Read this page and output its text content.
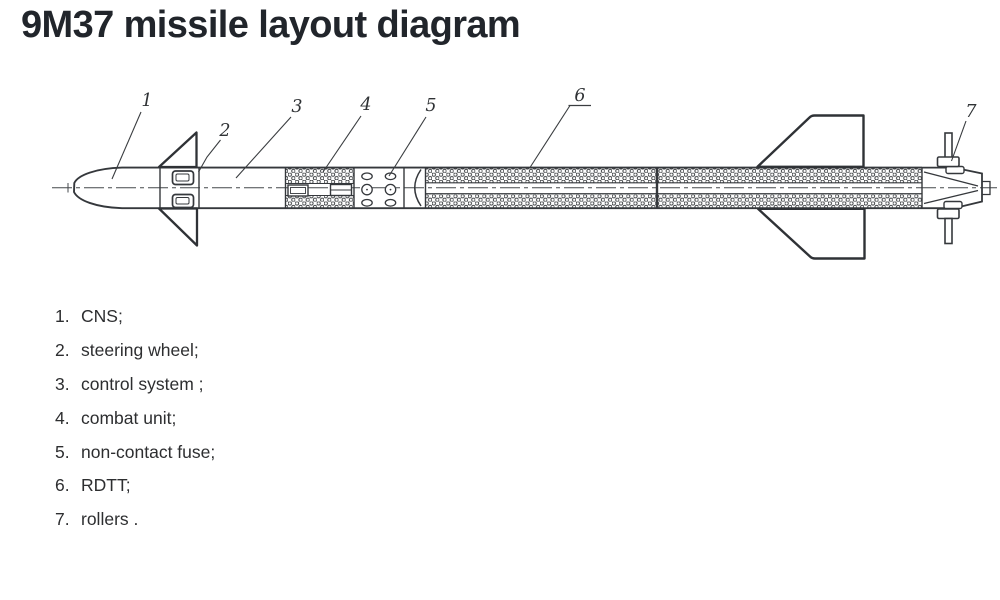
9M37 missile layout diagram
1
2
3	4	5	6
7
1. CNS;
2. steering wheel;
3. control system ;
4. combat unit;
5. non-contact fuse;
6. RDTT;
7. rollers .
